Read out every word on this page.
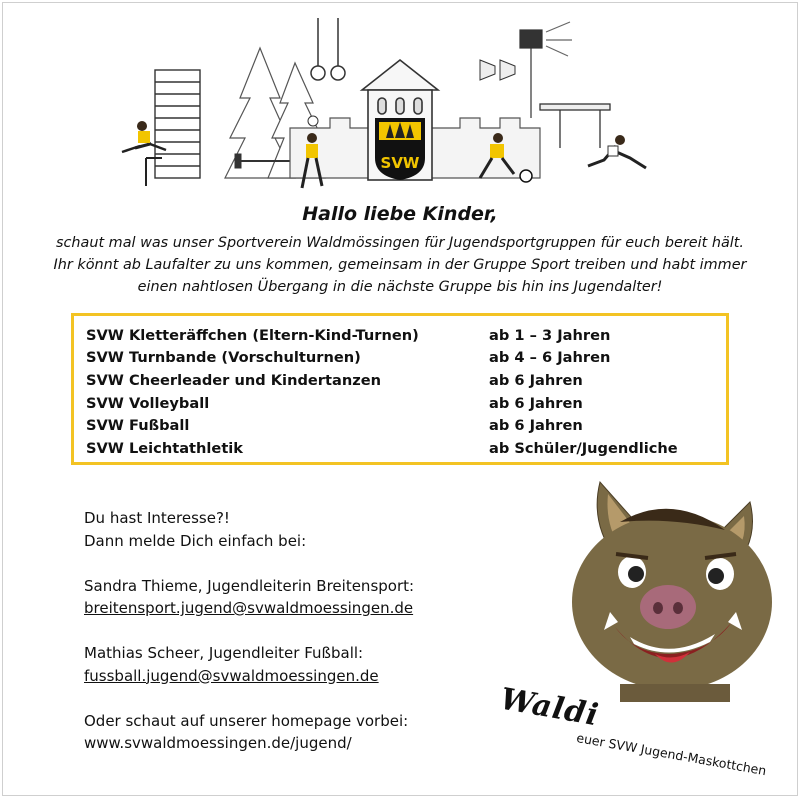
SVW
Hallo liebe Kinder,
schaut mal was unser Sportverein Waldmössingen für Jugendsportgruppen für euch bereit hält.
Ihr könnt ab Laufalter zu uns kommen, gemeinsam in der Gruppe Sport treiben und habt immer
einen nahtlosen Übergang in die nächste Gruppe bis hin ins Jugendalter!
SVW Kletteräffchen (Eltern-Kind-Turnen)	ab 1 – 3 Jahren
SVW Turnbande (Vorschulturnen)	ab 4 – 6 Jahren
SVW Cheerleader und Kindertanzen	ab 6 Jahren
SVW Volleyball	ab 6 Jahren
SVW Fußball	ab 6 Jahren
SVW Leichtathletik	ab Schüler/Jugendliche
Du hast Interesse?!
Dann melde Dich einfach bei:
Sandra Thieme, Jugendleiterin Breitensport:
breitensport.jugend@svwaldmoessingen.de
Mathias Scheer, Jugendleiter Fußball:
fussball.jugend@svwaldmoessingen.de
Oder schaut auf unserer homepage vorbei:
www.svwaldmoessingen.de/jugend/
Waldi
euer SVW Jugend-Maskottchen
